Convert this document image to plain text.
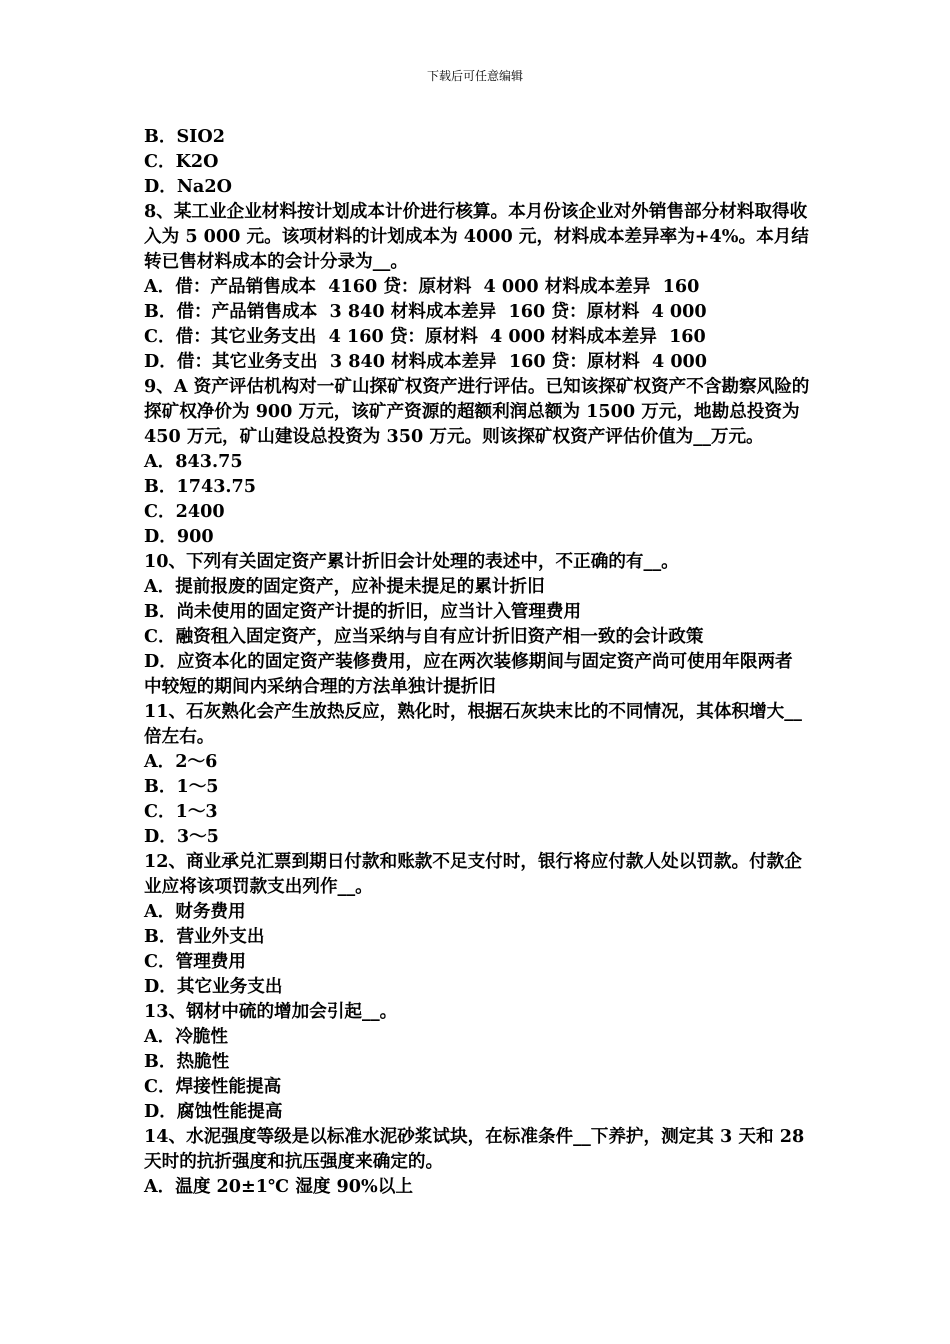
下载后可任意编辑
B．SIO2
C．K2O
D．Na2O
8、某工业企业材料按计划成本计价进行核算。本月份该企业对外销售部分材料取得收入为 5 000 元。该项材料的计划成本为 4000 元，材料成本差异率为+4%。本月结转已售材料成本的会计分录为__。
A．借：产品销售成本  4160 贷：原材料  4 000 材料成本差异  160
B．借：产品销售成本  3 840 材料成本差异  160 贷：原材料  4 000
C．借：其它业务支出  4 160 贷：原材料  4 000 材料成本差异  160
D．借：其它业务支出  3 840 材料成本差异  160 贷：原材料  4 000
9、A 资产评估机构对一矿山探矿权资产进行评估。已知该探矿权资产不含勘察风险的探矿权净价为 900 万元，该矿产资源的超额利润总额为 1500 万元，地勘总投资为 450 万元，矿山建设总投资为 350 万元。则该探矿权资产评估价值为__万元。
A．843.75
B．1743.75
C．2400
D．900
10、下列有关固定资产累计折旧会计处理的表述中，不正确的有__。
A．提前报废的固定资产，应补提未提足的累计折旧
B．尚未使用的固定资产计提的折旧，应当计入管理费用
C．融资租入固定资产，应当采纳与自有应计折旧资产相一致的会计政策
D．应资本化的固定资产装修费用，应在两次装修期间与固定资产尚可使用年限两者中较短的期间内采纳合理的方法单独计提折旧
11、石灰熟化会产生放热反应，熟化时，根据石灰块末比的不同情况，其体积增大__倍左右。
A．2～6
B．1～5
C．1～3
D．3～5
12、商业承兑汇票到期日付款和账款不足支付时，银行将应付款人处以罚款。付款企业应将该项罚款支出列作__。
A．财务费用
B．营业外支出
C．管理费用
D．其它业务支出
13、钢材中硫的增加会引起__。
A．冷脆性
B．热脆性
C．焊接性能提高
D．腐蚀性能提高
14、水泥强度等级是以标准水泥砂浆试块，在标准条件__下养护，测定其 3 天和 28 天时的抗折强度和抗压强度来确定的。
A．温度 20±1℃ 湿度 90%以上
